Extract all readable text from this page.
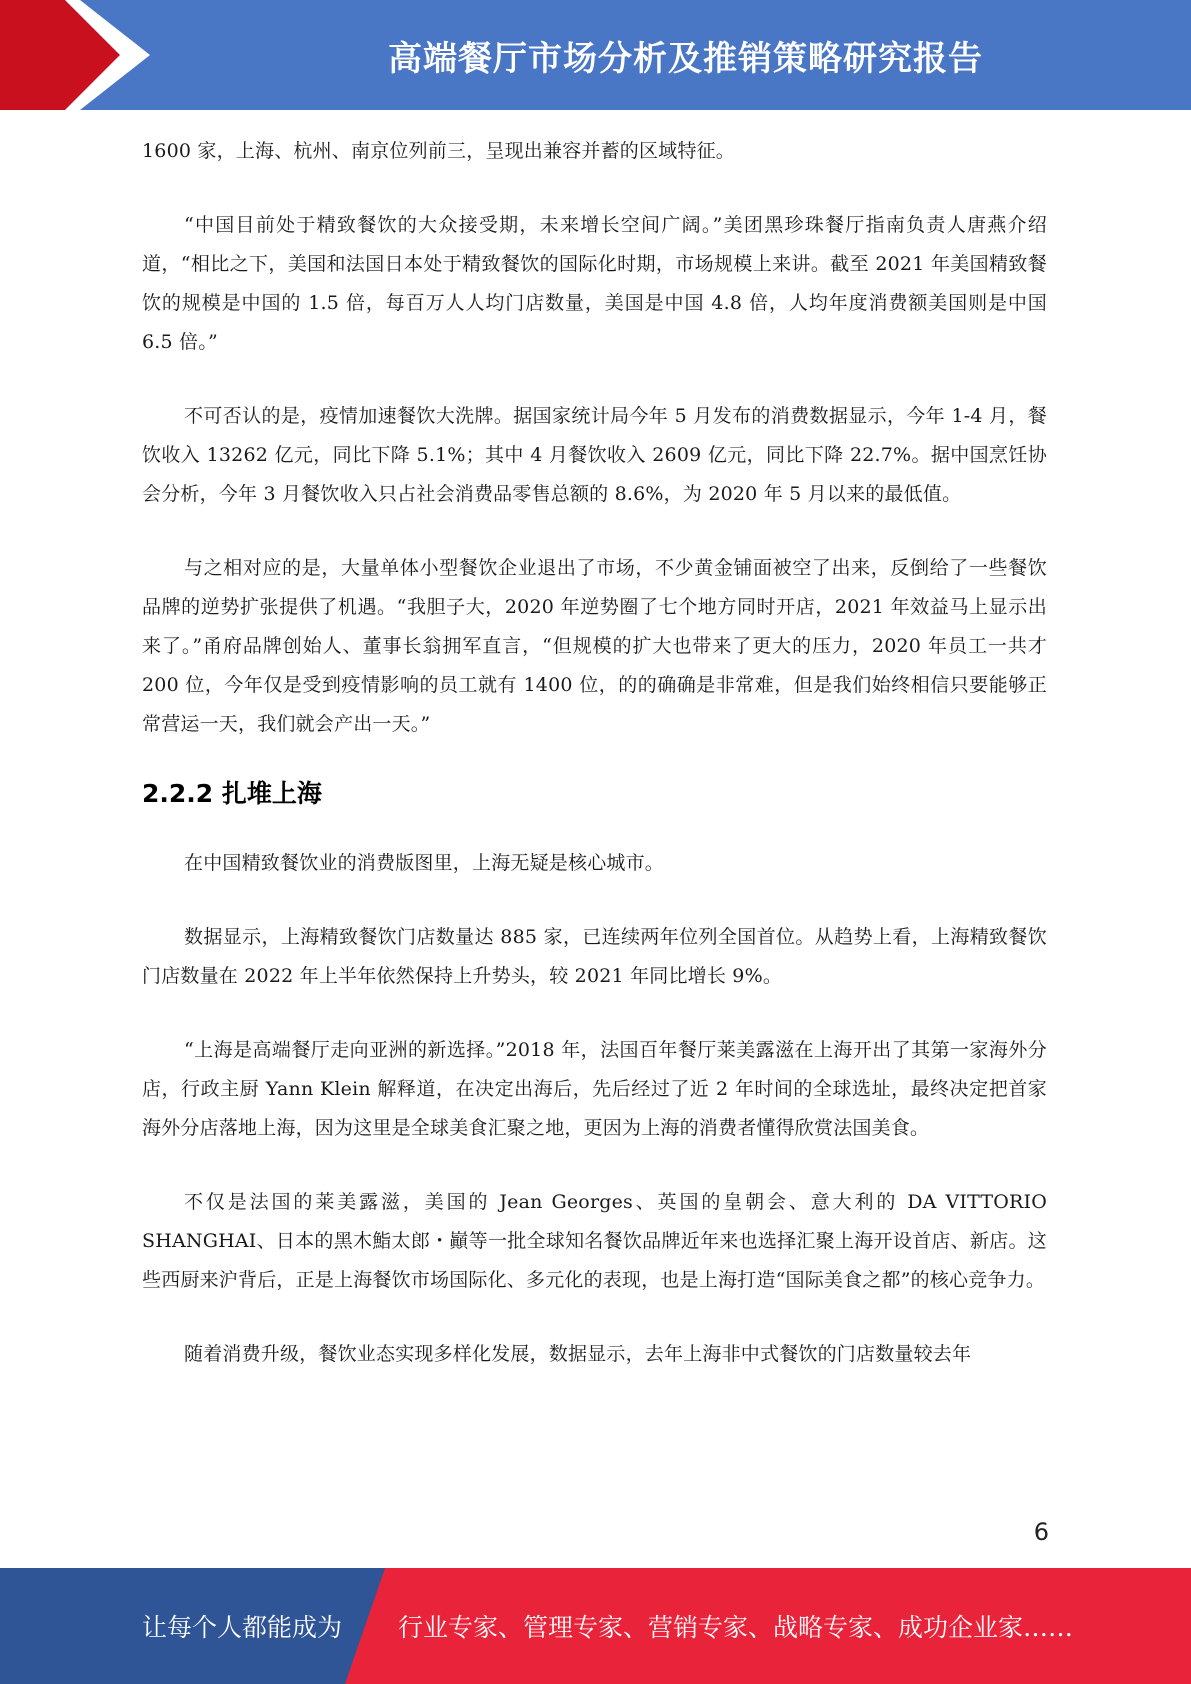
高端餐厅市场分析及推销策略研究报告

1600 家，上海、杭州、南京位列前三，呈现出兼容并蓄的区域特征。

“中国目前处于精致餐饮的大众接受期，未来增长空间广阔。”美团黑珍珠餐厅指南负责人唐燕介绍道，“相比之下，美国和法国日本处于精致餐饮的国际化时期，市场规模上来讲。截至 2021 年美国精致餐饮的规模是中国的 1.5 倍，每百万人人均门店数量，美国是中国 4.8 倍，人均年度消费额美国则是中国 6.5 倍。”

不可否认的是，疫情加速餐饮大洗牌。据国家统计局今年 5 月发布的消费数据显示，今年 1-4 月，餐饮收入 13262 亿元，同比下降 5.1%；其中 4 月餐饮收入 2609 亿元，同比下降 22.7%。据中国烹饪协会分析，今年 3 月餐饮收入只占社会消费品零售总额的 8.6%，为 2020 年 5 月以来的最低值。

与之相对应的是，大量单体小型餐饮企业退出了市场，不少黄金铺面被空了出来，反倒给了一些餐饮品牌的逆势扩张提供了机遇。“我胆子大，2020 年逆势圈了七个地方同时开店，2021 年效益马上显示出来了。”甬府品牌创始人、董事长翁拥军直言，“但规模的扩大也带来了更大的压力，2020 年员工一共才 200 位，今年仅是受到疫情影响的员工就有 1400 位，的的确确是非常难，但是我们始终相信只要能够正常营运一天，我们就会产出一天。”

2.2.2 扎堆上海

在中国精致餐饮业的消费版图里，上海无疑是核心城市。

数据显示，上海精致餐饮门店数量达 885 家，已连续两年位列全国首位。从趋势上看，上海精致餐饮门店数量在 2022 年上半年依然保持上升势头，较 2021 年同比增长 9%。

“上海是高端餐厅走向亚洲的新选择。”2018 年，法国百年餐厅莱美露滋在上海开出了其第一家海外分店，行政主厨 Yann Klein 解释道，在决定出海后，先后经过了近 2 年时间的全球选址，最终决定把首家海外分店落地上海，因为这里是全球美食汇聚之地，更因为上海的消费者懂得欣赏法国美食。

不仅是法国的莱美露滋，美国的 Jean Georges、英国的皇朝会、意大利的 DA VITTORIO SHANGHAI、日本的黑木鮨太郎・巓等一批全球知名餐饮品牌近年来也选择汇聚上海开设首店、新店。这些西厨来沪背后，正是上海餐饮市场国际化、多元化的表现，也是上海打造“国际美食之都”的核心竞争力。

随着消费升级，餐饮业态实现多样化发展，数据显示，去年上海非中式餐饮的门店数量较去年

6
让每个人都能成为 行业专家、管理专家、营销专家、战略专家、成功企业家……
